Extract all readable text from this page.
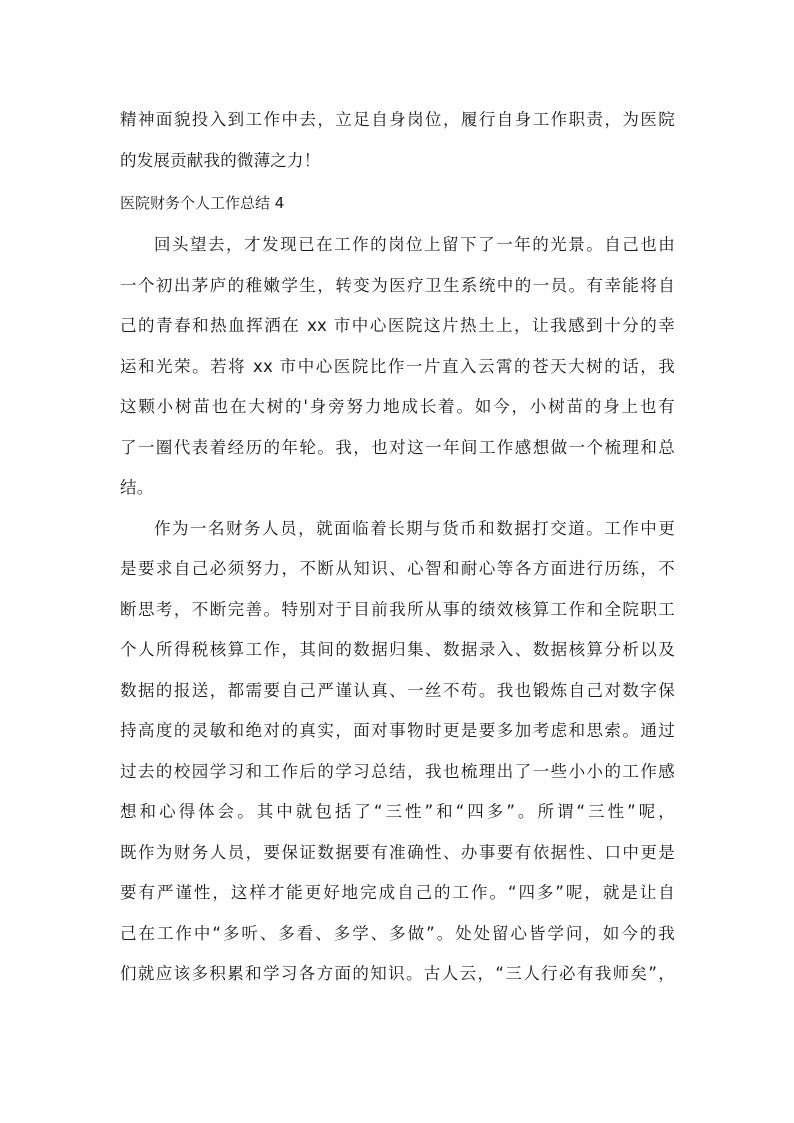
精神面貌投入到工作中去，立足自身岗位，履行自身工作职责，为医院
的发展贡献我的微薄之力！
医院财务个人工作总结 4
回头望去，才发现已在工作的岗位上留下了一年的光景。自己也由
一个初出茅庐的稚嫩学生，转变为医疗卫生系统中的一员。有幸能将自
己的青春和热血挥洒在 xx 市中心医院这片热土上，让我感到十分的幸
运和光荣。若将 xx 市中心医院比作一片直入云霄的苍天大树的话，我
这颗小树苗也在大树的'身旁努力地成长着。如今，小树苗的身上也有
了一圈代表着经历的年轮。我，也对这一年间工作感想做一个梳理和总
结。
作为一名财务人员，就面临着长期与货币和数据打交道。工作中更
是要求自己必须努力，不断从知识、心智和耐心等各方面进行历练，不
断思考，不断完善。特别对于目前我所从事的绩效核算工作和全院职工
个人所得税核算工作，其间的数据归集、数据录入、数据核算分析以及
数据的报送，都需要自己严谨认真、一丝不苟。我也锻炼自己对数字保
持高度的灵敏和绝对的真实，面对事物时更是要多加考虑和思索。通过
过去的校园学习和工作后的学习总结，我也梳理出了一些小小的工作感
想和心得体会。其中就包括了“三性”和“四多”。所谓“三性”呢，
既作为财务人员，要保证数据要有准确性、办事要有依据性、口中更是
要有严谨性，这样才能更好地完成自己的工作。“四多”呢，就是让自
己在工作中“多听、多看、多学、多做”。处处留心皆学问，如今的我
们就应该多积累和学习各方面的知识。古人云，“三人行必有我师矣”，
